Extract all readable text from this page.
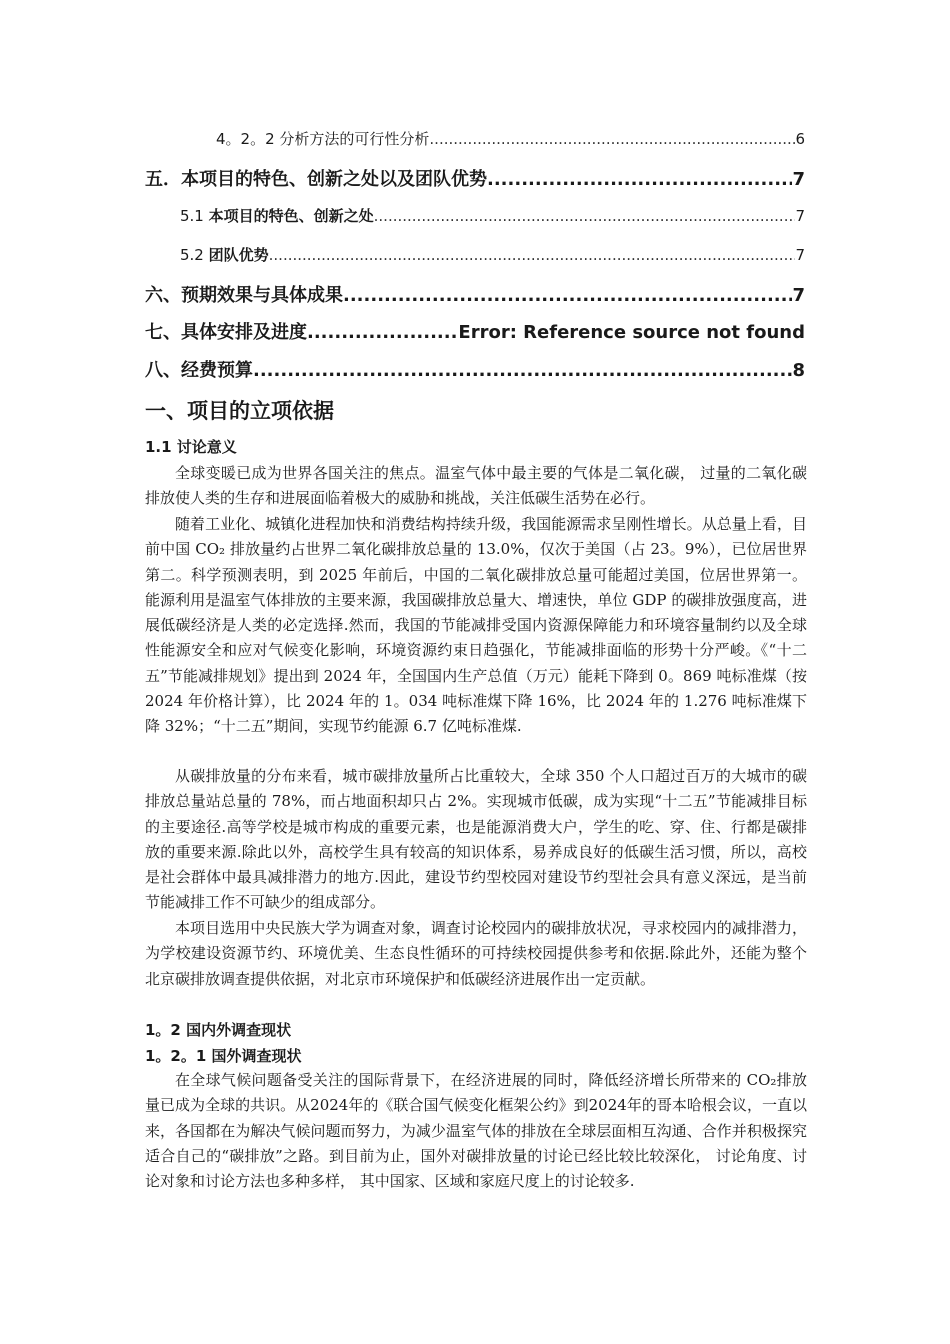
4。2。2 分析方法的可行性分析 .....	6
五．本项目的特色、创新之处以及团队优势 .....	7
5.1 本项目的特色、创新之处 .....	7
5.2 团队优势 .....	7
六、预期效果与具体成果 .....	7
七、具体安排及进度 .....	Error: Reference source not found
八、经费预算 .....	8
一、项目的立项依据
1.1 讨论意义

全球变暖已成为世界各国关注的焦点。温室气体中最主要的气体是二氧化碳， 过量的二氧化碳排放使人类的生存和进展面临着极大的威胁和挑战，关注低碳生活势在必行。

随着工业化、城镇化进程加快和消费结构持续升级，我国能源需求呈刚性增长。从总量上看，目前中国 CO₂ 排放量约占世界二氧化碳排放总量的 13.0%，仅次于美国（占 23。9%），已位居世界第二。科学预测表明，到 2025 年前后，中国的二氧化碳排放总量可能超过美国，位居世界第一。能源利用是温室气体排放的主要来源，我国碳排放总量大、增速快，单位 GDP 的碳排放强度高，进展低碳经济是人类的必定选择.然而，我国的节能减排受国内资源保障能力和环境容量制约以及全球性能源安全和应对气候变化影响，环境资源约束日趋强化，节能减排面临的形势十分严峻。《“十二五”节能减排规划》提出到 2024 年，全国国内生产总值（万元）能耗下降到 0。869 吨标准煤（按 2024 年价格计算），比 2024 年的 1。034 吨标准煤下降 16%，比 2024 年的 1.276 吨标准煤下降 32%；“十二五”期间，实现节约能源 6.7 亿吨标准煤.

从碳排放量的分布来看，城市碳排放量所占比重较大，全球 350 个人口超过百万的大城市的碳排放总量站总量的 78%，而占地面积却只占 2%。实现城市低碳，成为实现“十二五”节能减排目标的主要途径.高等学校是城市构成的重要元素，也是能源消费大户，学生的吃、穿、住、行都是碳排放的重要来源.除此以外，高校学生具有较高的知识体系，易养成良好的低碳生活习惯，所以，高校是社会群体中最具减排潜力的地方.因此，建设节约型校园对建设节约型社会具有意义深远，是当前节能减排工作不可缺少的组成部分。

本项目选用中央民族大学为调查对象，调查讨论校园内的碳排放状况，寻求校园内的减排潜力，为学校建设资源节约、环境优美、生态良性循环的可持续校园提供参考和依据.除此外，还能为整个北京碳排放调查提供依据，对北京市环境保护和低碳经济进展作出一定贡献。

1。2 国内外调查现状
1。2。1 国外调查现状

在全球气候问题备受关注的国际背景下，在经济进展的同时，降低经济增长所带来的 CO₂排放量已成为全球的共识。从2024年的《联合国气候变化框架公约》到2024年的哥本哈根会议，一直以来，各国都在为解决气候问题而努力，为减少温室气体的排放在全球层面相互沟通、合作并积极探究适合自己的“碳排放”之路。到目前为止，国外对碳排放量的讨论已经比较比较深化， 讨论角度、讨论对象和讨论方法也多种多样， 其中国家、区域和家庭尺度上的讨论较多.
